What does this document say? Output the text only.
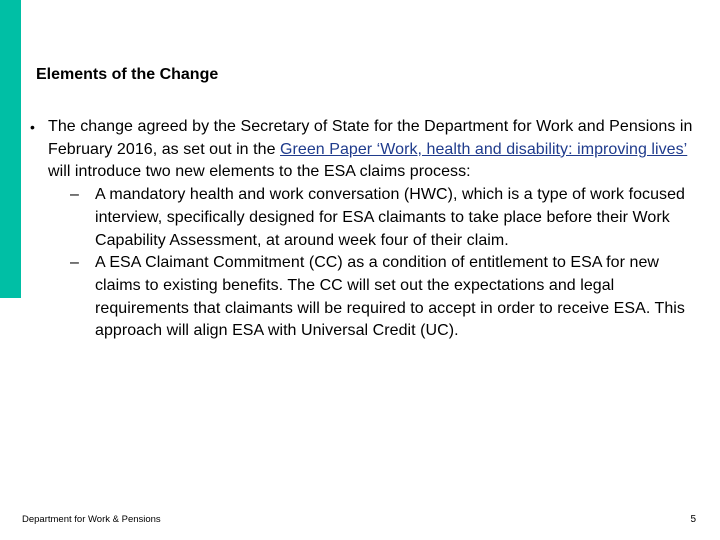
Elements of the Change
• The change agreed by the Secretary of State for the Department for Work and Pensions in February 2016, as set out in the Green Paper ‘Work, health and disability: improving lives’ will introduce two new elements to the ESA claims process:

– A mandatory health and work conversation (HWC), which is a type of work focused interview, specifically designed for ESA claimants to take place before their Work Capability Assessment, at around week four of their claim.
– A ESA Claimant Commitment (CC) as a condition of entitlement to ESA for new claims to existing benefits. The CC will set out the expectations and legal requirements that claimants will be required to accept in order to receive ESA. This approach will align ESA with Universal Credit (UC).
Department for Work & Pensions	5
